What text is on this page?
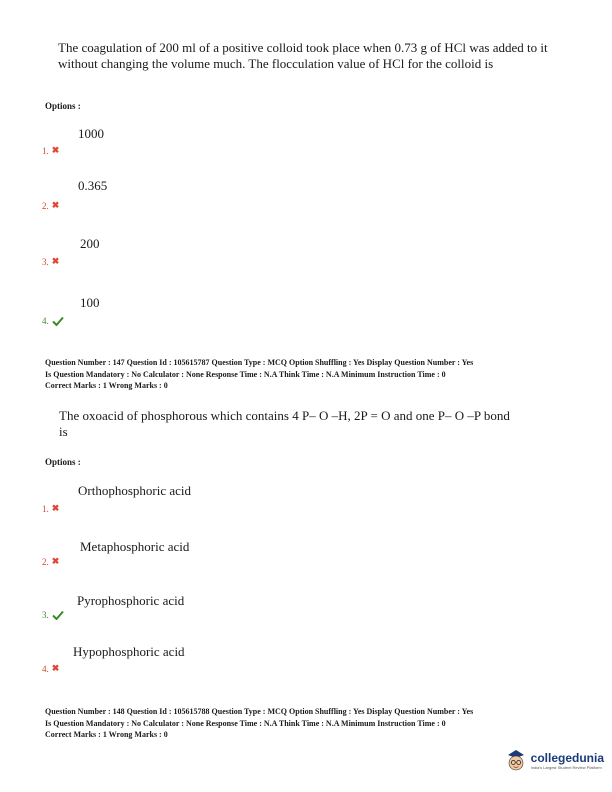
The coagulation of 200 ml of a positive colloid took place when 0.73 g of HCl was added to it without changing the volume much. The flocculation value of HCl for the colloid is
Options :
1000
1. ✖
0.365
2. ✖
200
3. ✖
100
4.
Question Number : 147 Question Id : 105615787 Question Type : MCQ Option Shuffling : Yes Display Question Number : Yes
Is Question Mandatory : No Calculator : None Response Time : N.A Think Time : N.A Minimum Instruction Time : 0
Correct Marks : 1 Wrong Marks : 0
The oxoacid of phosphorous which contains 4 P– O –H, 2P = O and one P– O –P bond
is
Options :
Orthophosphoric acid
1. ✖
Metaphosphoric acid
2. ✖
Pyrophosphoric acid
3.
Hypophosphoric acid
4. ✖
Question Number : 148 Question Id : 105615788 Question Type : MCQ Option Shuffling : Yes Display Question Number : Yes
Is Question Mandatory : No Calculator : None Response Time : N.A Think Time : N.A Minimum Instruction Time : 0
Correct Marks : 1 Wrong Marks : 0
collegedunia
India's Largest Student Review Platform
